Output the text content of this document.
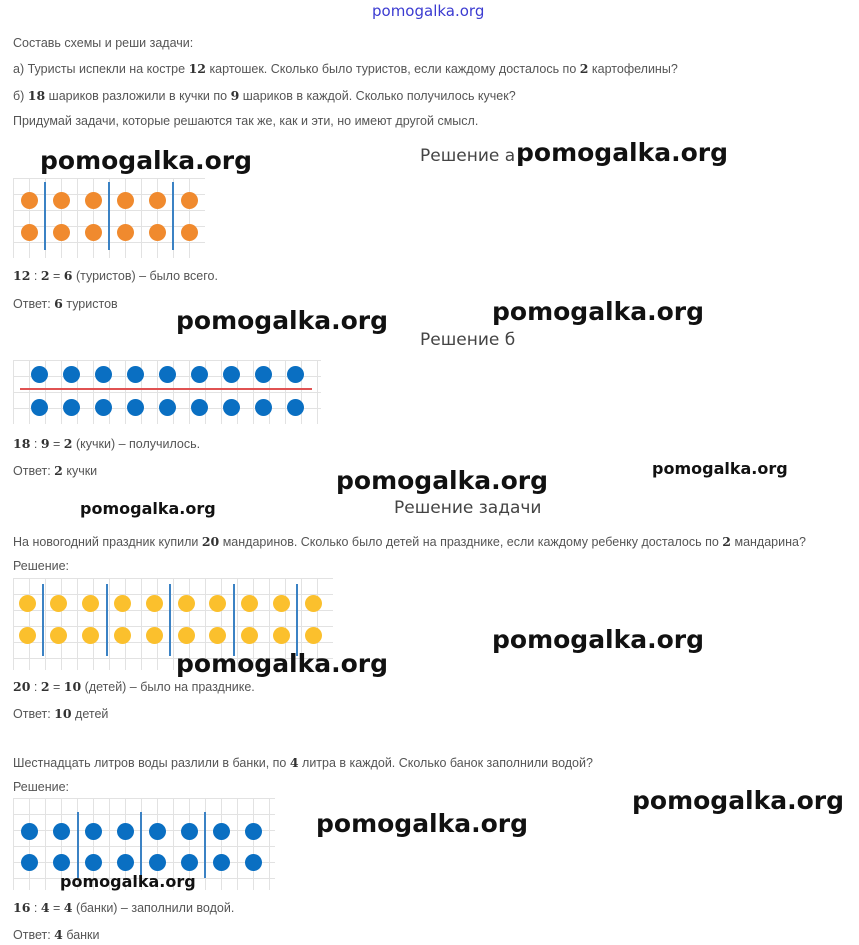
pomogalka.org
Составь схемы и реши задачи:
а) Туристы испекли на костре 12 картошек. Сколько было туристов, если каждому досталось по 2 картофелины?
б) 18 шариков разложили в кучки по 9 шариков в каждой. Сколько получилось кучек?
Придумай задачи, которые решаются так же, как и эти, но имеют другой смысл.
Решение а
pomogalka.org	pomogalka.org
12 : 2 = 6 (туристов) – было всего.
Ответ: 6 туристов
pomogalka.org	pomogalka.org
Решение б
18 : 9 = 2 (кучки) – получилось.
Ответ: 2 кучки	pomogalka.org	pomogalka.org
pomogalka.org	Решение задачи
На новогодний праздник купили 20 мандаринов. Сколько было детей на празднике, если каждому ребенку досталось по 2 мандарина?
Решение:
pomogalka.org
pomogalka.org
20 : 2 = 10 (детей) – было на празднике.
Ответ: 10 детей
Шестнадцать литров воды разлили в банки, по 4 литра в каждой. Сколько банок заполнили водой?
Решение:	pomogalka.org
pomogalka.org
pomogalka.org
16 : 4 = 4 (банки) – заполнили водой.
Ответ: 4 банки
